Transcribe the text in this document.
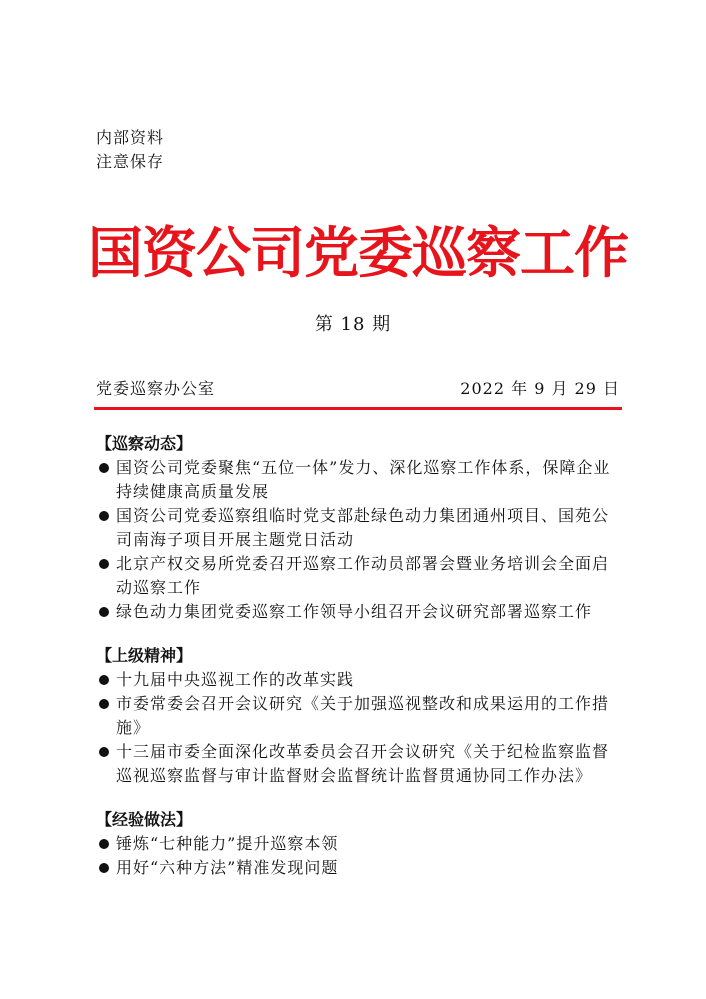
内部资料
注意保存
国资公司党委巡察工作
第 18 期
党委巡察办公室	2022 年 9 月 29 日
【巡察动态】
国资公司党委聚焦“五位一体”发力、深化巡察工作体系，保障企业持续健康高质量发展
国资公司党委巡察组临时党支部赴绿色动力集团通州项目、国苑公司南海子项目开展主题党日活动
北京产权交易所党委召开巡察工作动员部署会暨业务培训会全面启动巡察工作
绿色动力集团党委巡察工作领导小组召开会议研究部署巡察工作
【上级精神】
十九届中央巡视工作的改革实践
市委常委会召开会议研究《关于加强巡视整改和成果运用的工作措施》
十三届市委全面深化改革委员会召开会议研究《关于纪检监察监督巡视巡察监督与审计监督财会监督统计监督贯通协同工作办法》
【经验做法】
锤炼“七种能力”提升巡察本领
用好“六种方法”精准发现问题
